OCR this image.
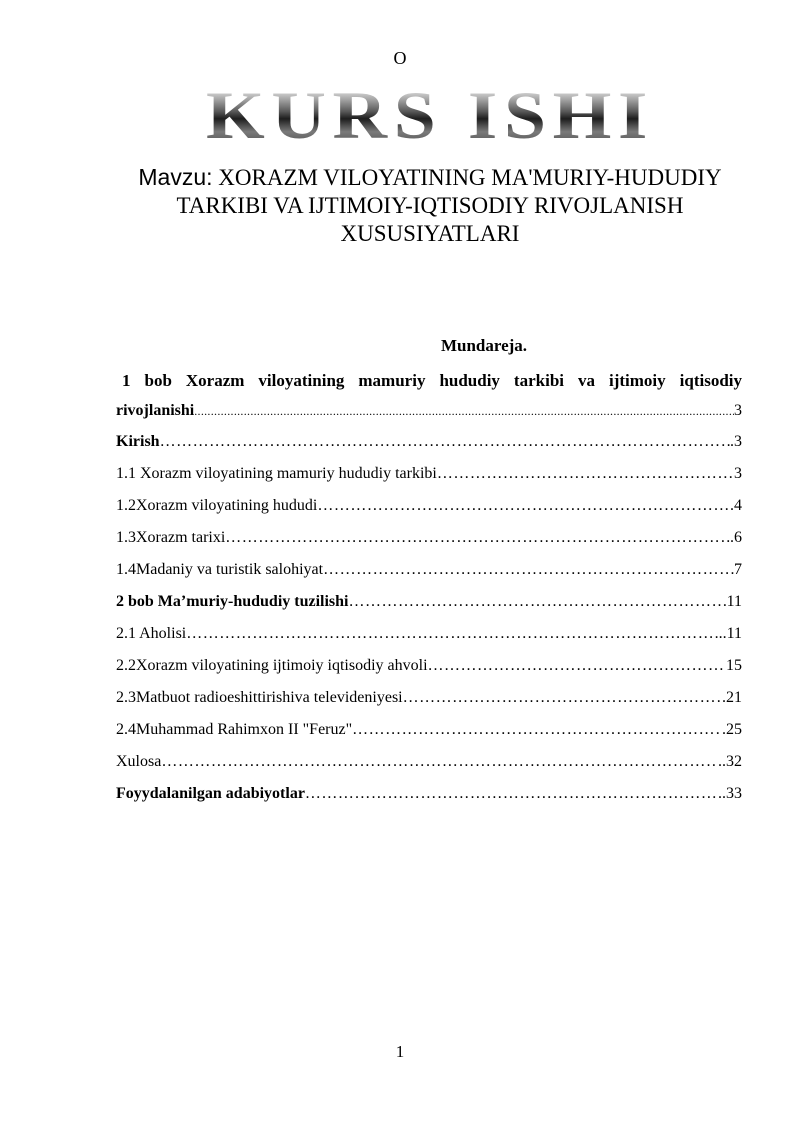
O
KURS ISHI
Mavzu: XORAZM VILOYATINING MA'MURIY-HUDUDIY
TARKIBI VA IJTIMOIY-IQTISODIY RIVOJLANISH
XUSUSIYATLARI
Mundareja.
1 bob Xorazm viloyatining mamuriy hududiy tarkibi va ijtimoiy iqtisodiy
rivojlanishi .....	3
Kirish …………………………………………………………………………………………………………………………………………………………………………………………	.3
1.1 Xorazm viloyatining mamuriy hududiy tarkibi …………………………………………………………………………………………………………………………………………………………………………………………	3
1.2Xorazm viloyatining hududi …………………………………………………………………………………………………………………………………………………………………………………………	.4
1.3Xorazm tarixi …………………………………………………………………………………………………………………………………………………………………………………………	.6
1.4Madaniy va turistik salohiyat …………………………………………………………………………………………………………………………………………………………………………………………	7
2 bob Ma’muriy-hududiy tuzilishi …………………………………………………………………………………………………………………………………………………………………………………………	11
2.1 Aholisi …………………………………………………………………………………………………………………………………………………………………………………………	...11
2.2Xorazm viloyatining ijtimoiy iqtisodiy ahvoli …………………………………………………………………………………………………………………………………………………………………………………………	15
2.3Matbuot radioeshittirishiva televideniyesi …………………………………………………………………………………………………………………………………………………………………………………………	.21
2.4Muhammad Rahimxon II "Feruz" …………………………………………………………………………………………………………………………………………………………………………………………	.25
Xulosa …………………………………………………………………………………………………………………………………………………………………………………………	..32
Foyydalanilgan adabiyotlar …………………………………………………………………………………………………………………………………………………………………………………………	..33
1
